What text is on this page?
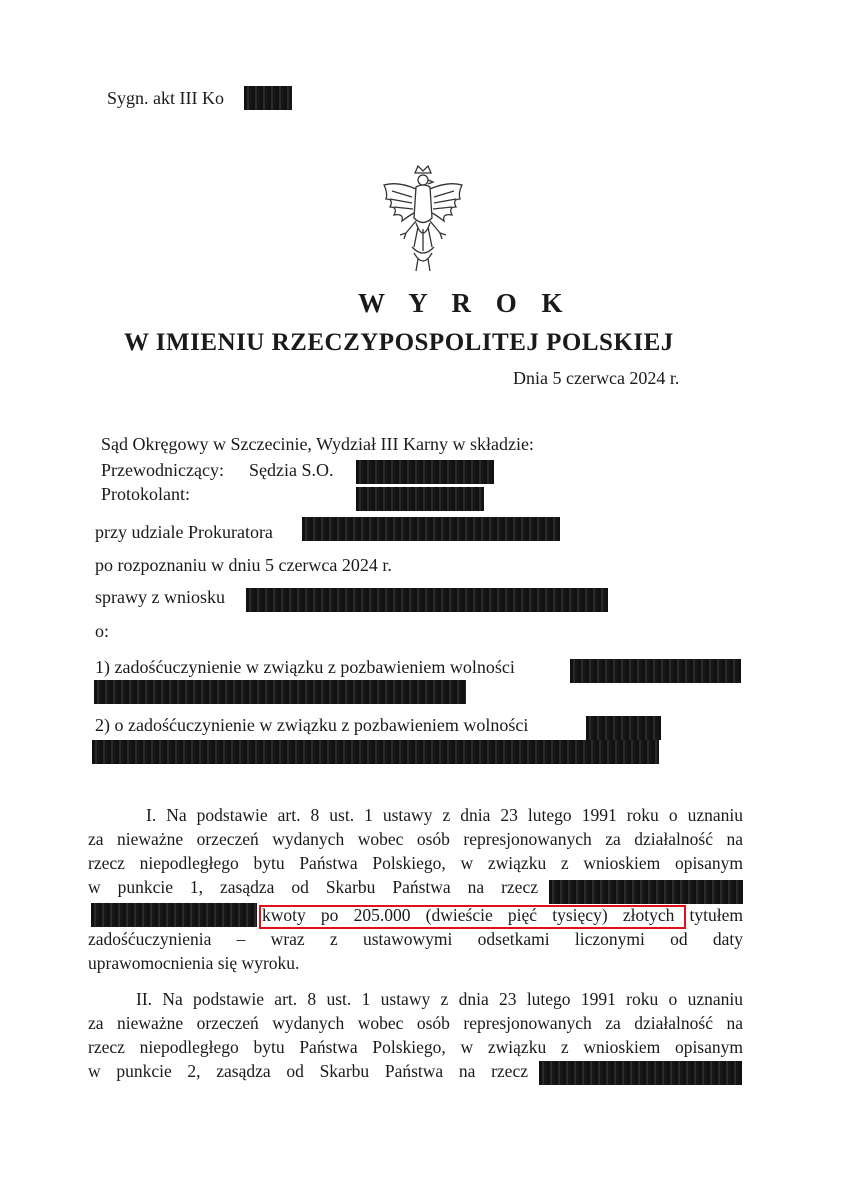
Sygn. akt III Ko
W Y R O K
W IMIENIU RZECZYPOSPOLITEJ POLSKIEJ
Dnia 5 czerwca 2024 r.
Sąd Okręgowy w Szczecinie, Wydział III Karny w składzie:
Przewodniczący: Sędzia S.O.
Protokolant:
przy udziale Prokuratora
po rozpoznaniu w dniu 5 czerwca 2024 r.
sprawy z wniosku
o:
1) zadośćuczynienie w związku z pozbawieniem wolności
2) o zadośćuczynienie w związku z pozbawieniem wolności
I. Na podstawie art. 8 ust. 1 ustawy z dnia 23 lutego 1991 roku o uznaniu
za nieważne orzeczeń wydanych wobec osób represjonowanych za działalność na
rzecz niepodległego bytu Państwa Polskiego, w związku z wnioskiem opisanym
w punkcie 1, zasądza od Skarbu Państwa na rzecz
kwoty po 205.000 (dwieście pięć tysięcy) złotych tytułem
zadośćuczynienia – wraz z ustawowymi odsetkami liczonymi od daty
uprawomocnienia się wyroku.
II. Na podstawie art. 8 ust. 1 ustawy z dnia 23 lutego 1991 roku o uznaniu
za nieważne orzeczeń wydanych wobec osób represjonowanych za działalność na
rzecz niepodległego bytu Państwa Polskiego, w związku z wnioskiem opisanym
w punkcie 2, zasądza od Skarbu Państwa na rzecz
